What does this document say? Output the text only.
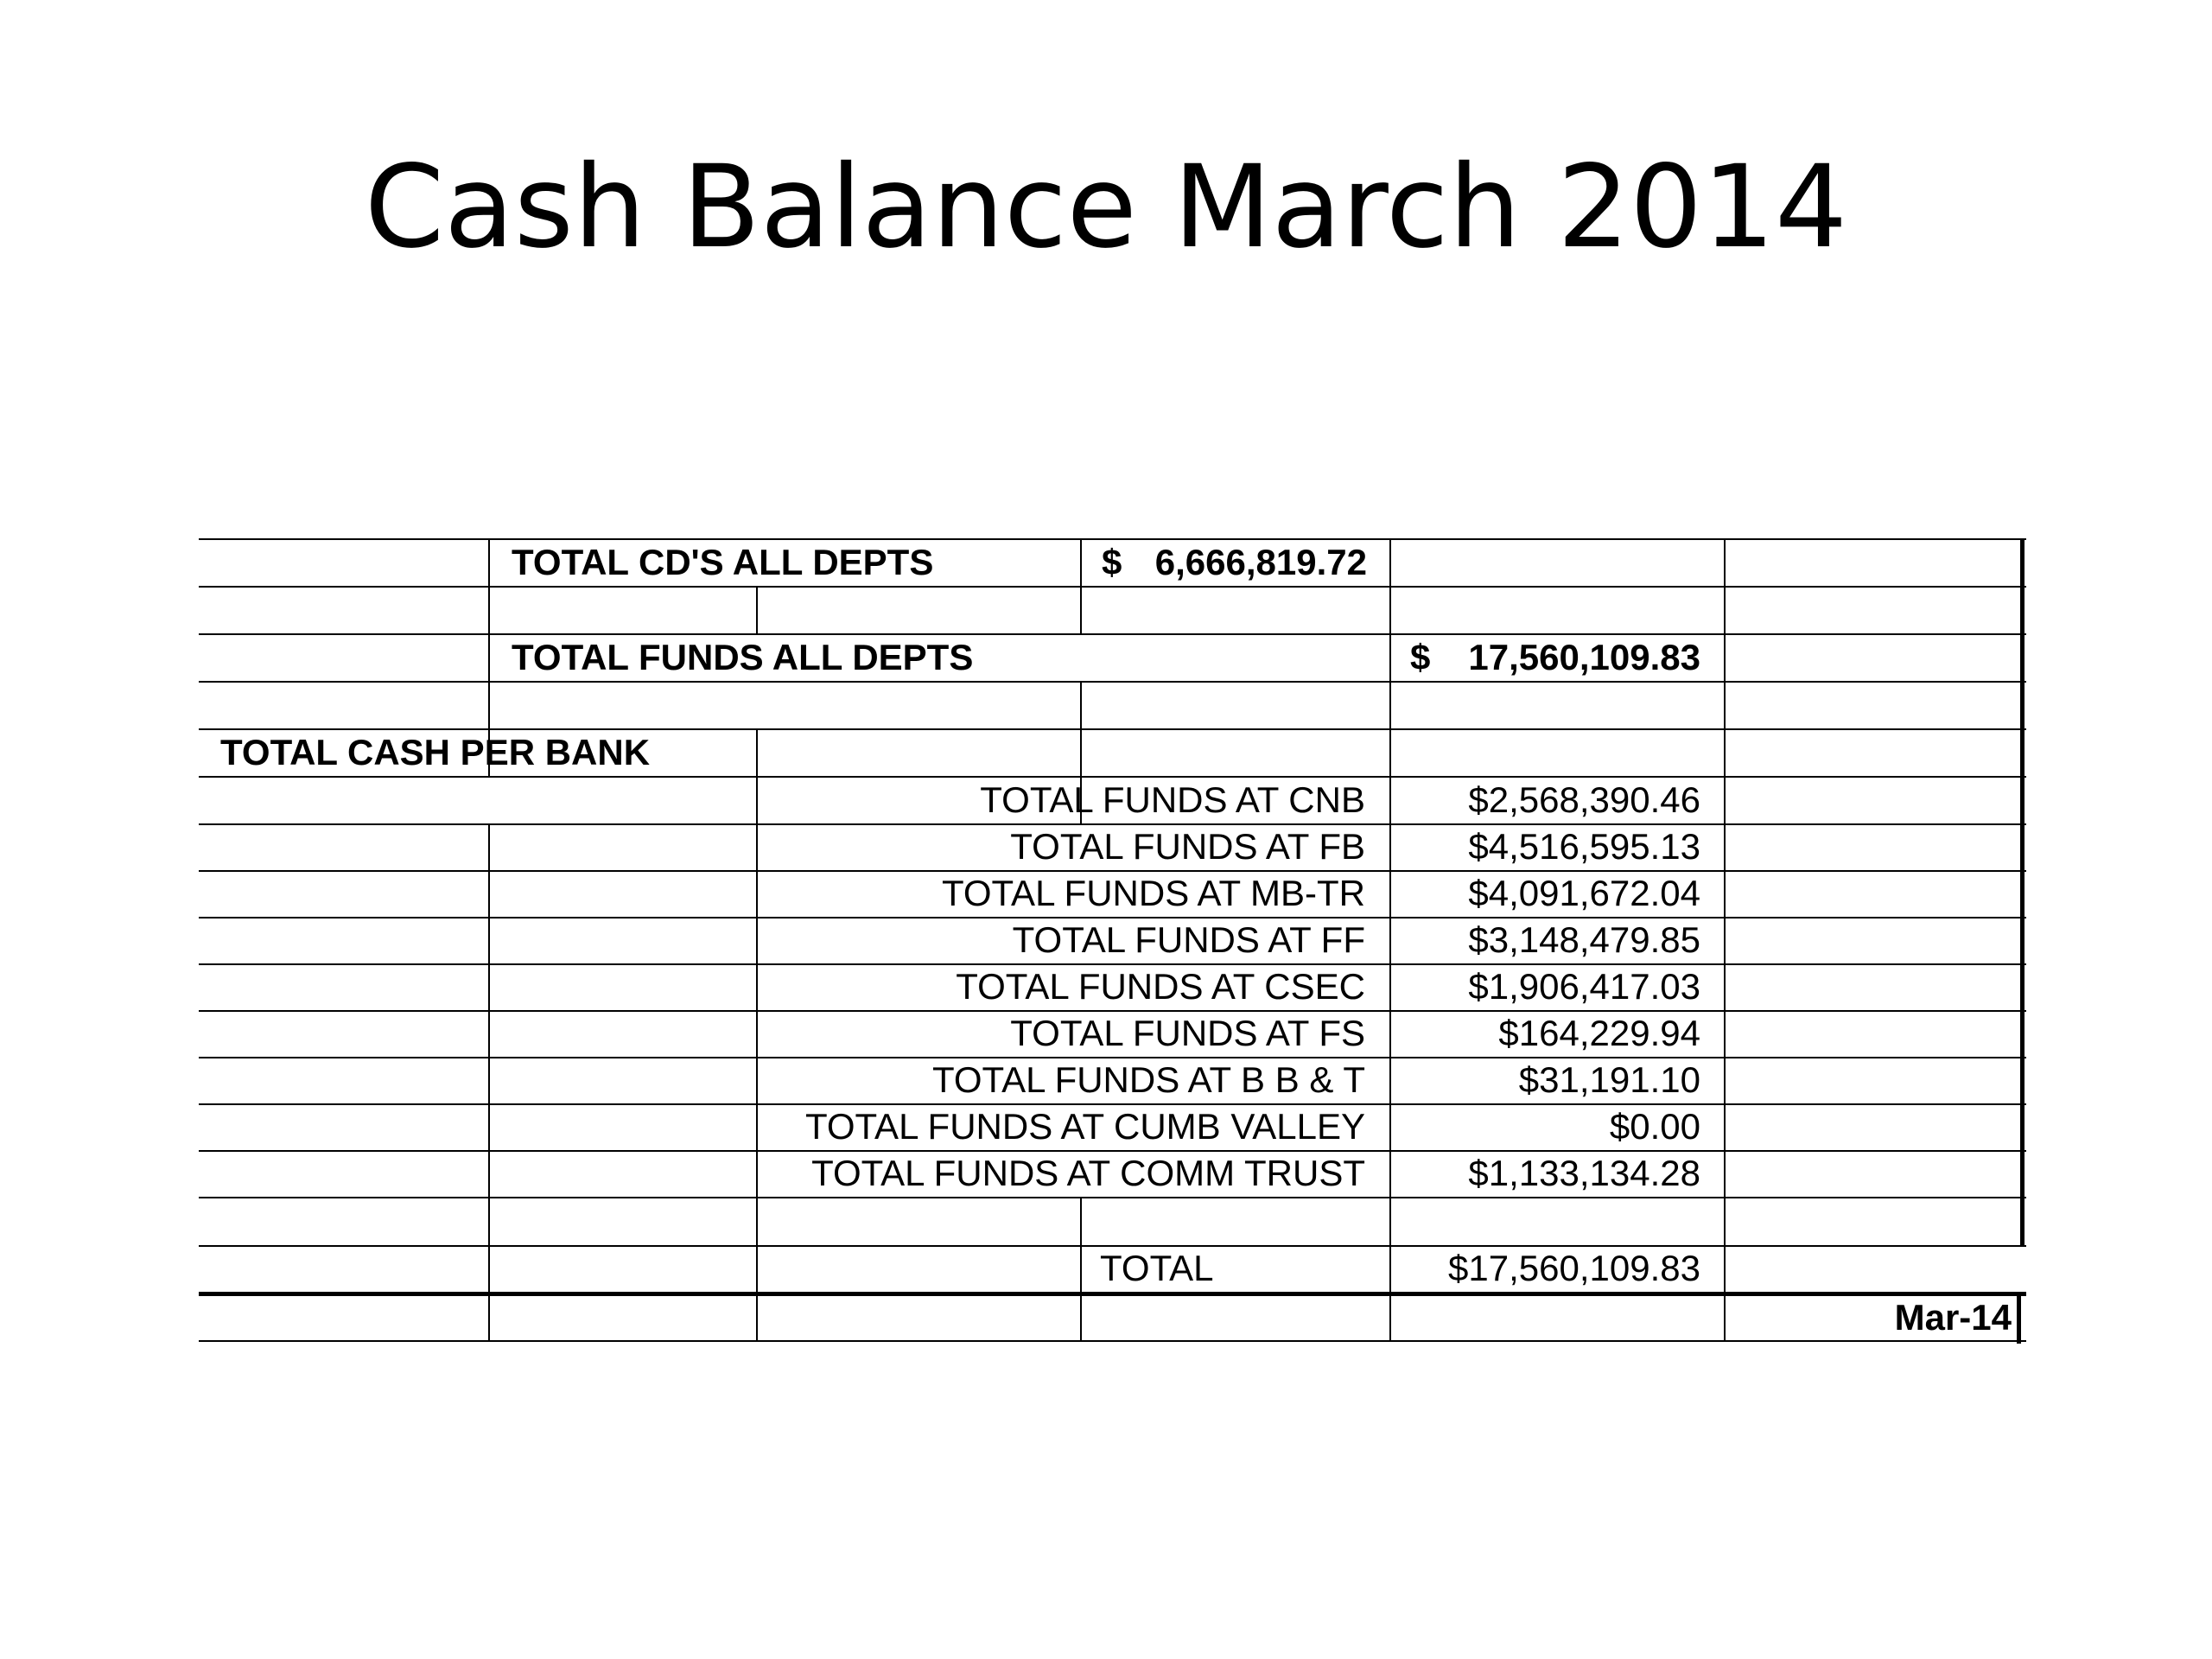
Cash Balance March 2014
TOTAL CD'S ALL DEPTS	$ 6,666,819.72
TOTAL FUNDS ALL DEPTS	$	17,560,109.83
TOTAL CASH PER BANK
TOTAL FUNDS AT CNB	$2,568,390.46
TOTAL FUNDS AT FB	$4,516,595.13
TOTAL FUNDS AT MB-TR	$4,091,672.04
TOTAL FUNDS AT FF	$3,148,479.85
TOTAL FUNDS AT CSEC	$1,906,417.03
TOTAL FUNDS AT FS	$164,229.94
TOTAL FUNDS AT B B & T	$31,191.10
TOTAL FUNDS AT CUMB VALLEY	$0.00
TOTAL FUNDS AT COMM TRUST	$1,133,134.28
TOTAL	$17,560,109.83
Mar-14
